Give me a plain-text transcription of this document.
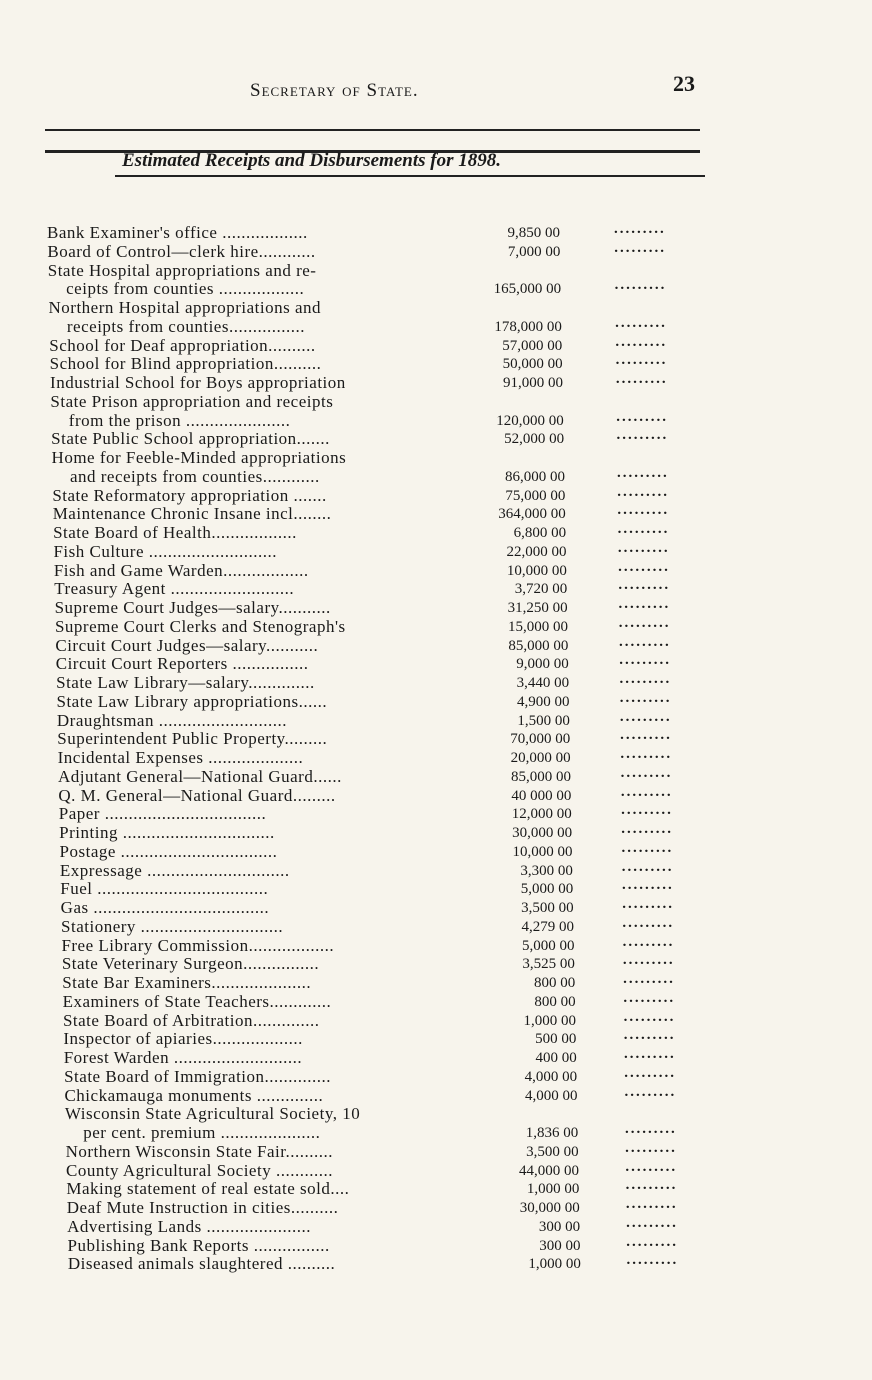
Secretary of State.	23
Estimated Receipts and Disbursements for 1898.
Bank Examiner's office ..................	9,850 00	.........
Board of Control—clerk hire............	7,000 00	.........
State Hospital appropriations and re-
ceipts from counties ..................	165,000 00	.........
Northern Hospital appropriations and
receipts from counties................	178,000 00	.........
School for Deaf appropriation..........	57,000 00	.........
School for Blind appropriation..........	50,000 00	.........
Industrial School for Boys appropriation	91,000 00	.........
State Prison appropriation and receipts
from the prison ......................	120,000 00	.........
State Public School appropriation.......	52,000 00	.........
Home for Feeble-Minded appropriations
and receipts from counties............	86,000 00	.........
State Reformatory appropriation .......	75,000 00	.........
Maintenance Chronic Insane incl........	364,000 00	.........
State Board of Health..................	6,800 00	.........
Fish Culture ...........................	22,000 00	.........
Fish and Game Warden..................	10,000 00	.........
Treasury Agent ..........................	3,720 00	.........
Supreme Court Judges—salary...........	31,250 00	.........
Supreme Court Clerks and Stenograph's	15,000 00	.........
Circuit Court Judges—salary...........	85,000 00	.........
Circuit Court Reporters ................	9,000 00	.........
State Law Library—salary..............	3,440 00	.........
State Law Library appropriations......	4,900 00	.........
Draughtsman ...........................	1,500 00	.........
Superintendent Public Property.........	70,000 00	.........
Incidental Expenses ....................	20,000 00	.........
Adjutant General—National Guard......	85,000 00	.........
Q. M. General—National Guard.........	40 000 00	.........
Paper ..................................	12,000 00	.........
Printing ................................	30,000 00	.........
Postage .................................	10,000 00	.........
Expressage ..............................	3,300 00	.........
Fuel ....................................	5,000 00	.........
Gas .....................................	3,500 00	.........
Stationery ..............................	4,279 00	.........
Free Library Commission..................	5,000 00	.........
State Veterinary Surgeon................	3,525 00	.........
State Bar Examiners.....................	800 00	.........
Examiners of State Teachers.............	800 00	.........
State Board of Arbitration..............	1,000 00	.........
Inspector of apiaries...................	500 00	.........
Forest Warden ...........................	400 00	.........
State Board of Immigration..............	4,000 00	.........
Chickamauga monuments ..............	4,000 00	.........
Wisconsin State Agricultural Society, 10
per cent. premium .....................	1,836 00	.........
Northern Wisconsin State Fair..........	3,500 00	.........
County Agricultural Society ............	44,000 00	.........
Making statement of real estate sold....	1,000 00	.........
Deaf Mute Instruction in cities..........	30,000 00	.........
Advertising Lands ......................	300 00	.........
Publishing Bank Reports ................	300 00	.........
Diseased animals slaughtered ..........	1,000 00	.........
